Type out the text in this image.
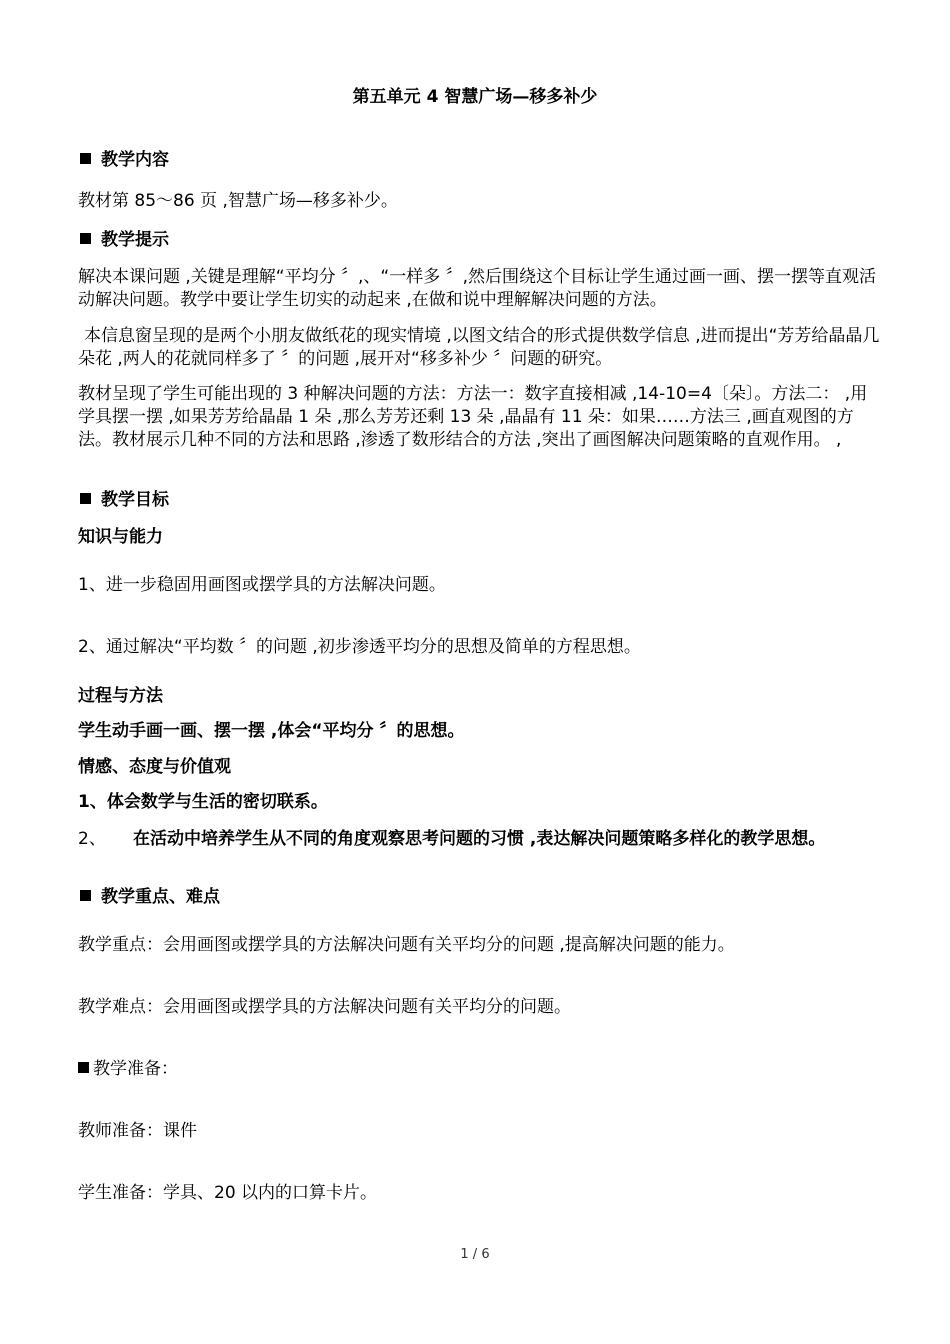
第五单元 4 智慧广场—移多补少

教学内容

教材第 85～86 页 ,智慧广场—移多补少。

教学提示

解决本课问题 ,关键是理解“平均分 〞,、“一样多 〞,然后围绕这个目标让学生通过画一画、摆一摆等直观活动解决问题。教学中要让学生切实的动起来 ,在做和说中理解解决问题的方法。

本信息窗呈现的是两个小朋友做纸花的现实情境 ,以图文结合的形式提供数学信息 ,进而提出“芳芳给晶晶几朵花 ,两人的花就同样多了 〞的问题 ,展开对“移多补少 〞问题的研究。

教材呈现了学生可能出现的 3 种解决问题的方法：方法一：数字直接相减 ,14-10=4〔朵〕。方法二： ,用学具摆一摆 ,如果芳芳给晶晶 1 朵 ,那么芳芳还剩 13 朵 ,晶晶有 11 朵：如果……方法三 ,画直观图的方法。教材展示几种不同的方法和思路 ,渗透了数形结合的方法 ,突出了画图解决问题策略的直观作用。 ,

教学目标

知识与能力

1、进一步稳固用画图或摆学具的方法解决问题。

2、通过解决“平均数 〞的问题 ,初步渗透平均分的思想及简单的方程思想。

过程与方法

学生动手画一画、摆一摆 ,体会“平均分 〞的思想。

情感、态度与价值观

1、体会数学与生活的密切联系。

2、 在活动中培养学生从不同的角度观察思考问题的习惯 ,表达解决问题策略多样化的教学思想。

教学重点、难点

教学重点：会用画图或摆学具的方法解决问题有关平均分的问题 ,提高解决问题的能力。

教学难点：会用画图或摆学具的方法解决问题有关平均分的问题。

教学准备：

教师准备：课件

学生准备：学具、20 以内的口算卡片。

1 / 6
